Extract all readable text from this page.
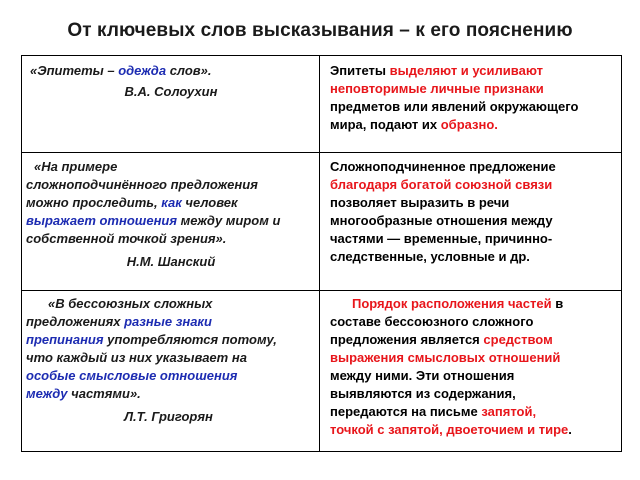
От ключевых слов высказывания – к его пояснению
«Эпитеты – одежда слов».
В.А. Солоухин
Эпитеты выделяют и усиливают
неповторимые личные признаки
предметов или явлений окружающего
мира, подают их образно.
«На примере
сложноподчинённого предложения
можно проследить, как человек
выражает отношения между миром и
собственной точкой зрения».
Н.М. Шанский
Сложноподчиненное предложение
благодаря богатой союзной связи
позволяет выразить в речи
многообразные отношения между
частями — временные, причинно-
следственные, условные и др.
«В бессоюзных сложных
предложениях разные знаки
препинания употребляются потому,
что каждый из них указывает на
особые смысловые отношения
между частями».
Л.Т. Григорян
Порядок расположения частей в
составе бессоюзного сложного
предложения является средством
выражения смысловых отношений
между ними. Эти отношения
выявляются из содержания,
передаются на письме запятой,
точкой с запятой, двоеточием и тире.
